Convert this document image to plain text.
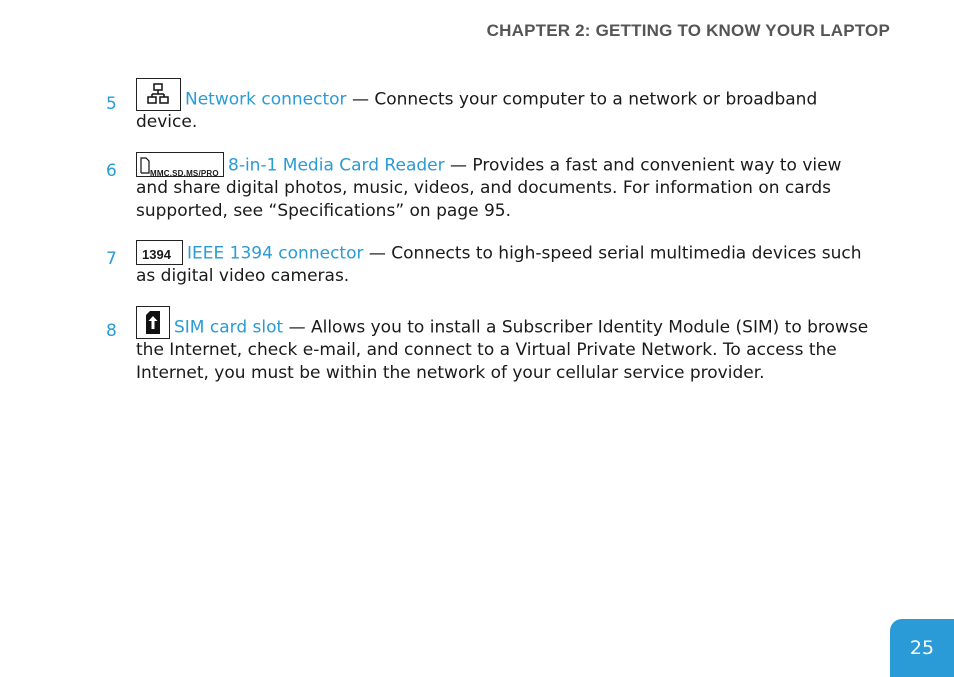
CHAPTER 2: GETTING TO KNOW YOUR LAPTOP
5	Network connector — Connects your computer to a network or broadband device.
6	MMC.SD.MS/PRO 8-in-1 Media Card Reader — Provides a fast and convenient way to view and share digital photos, music, videos, and documents. For information on cards supported, see “Specifications” on page 95.
7 1394 IEEE 1394 connector — Connects to high-speed serial multimedia devices such as digital video cameras.
8	SIM card slot — Allows you to install a Subscriber Identity Module (SIM) to browse the Internet, check e-mail, and connect to a Virtual Private Network. To access the Internet, you must be within the network of your cellular service provider.
25
